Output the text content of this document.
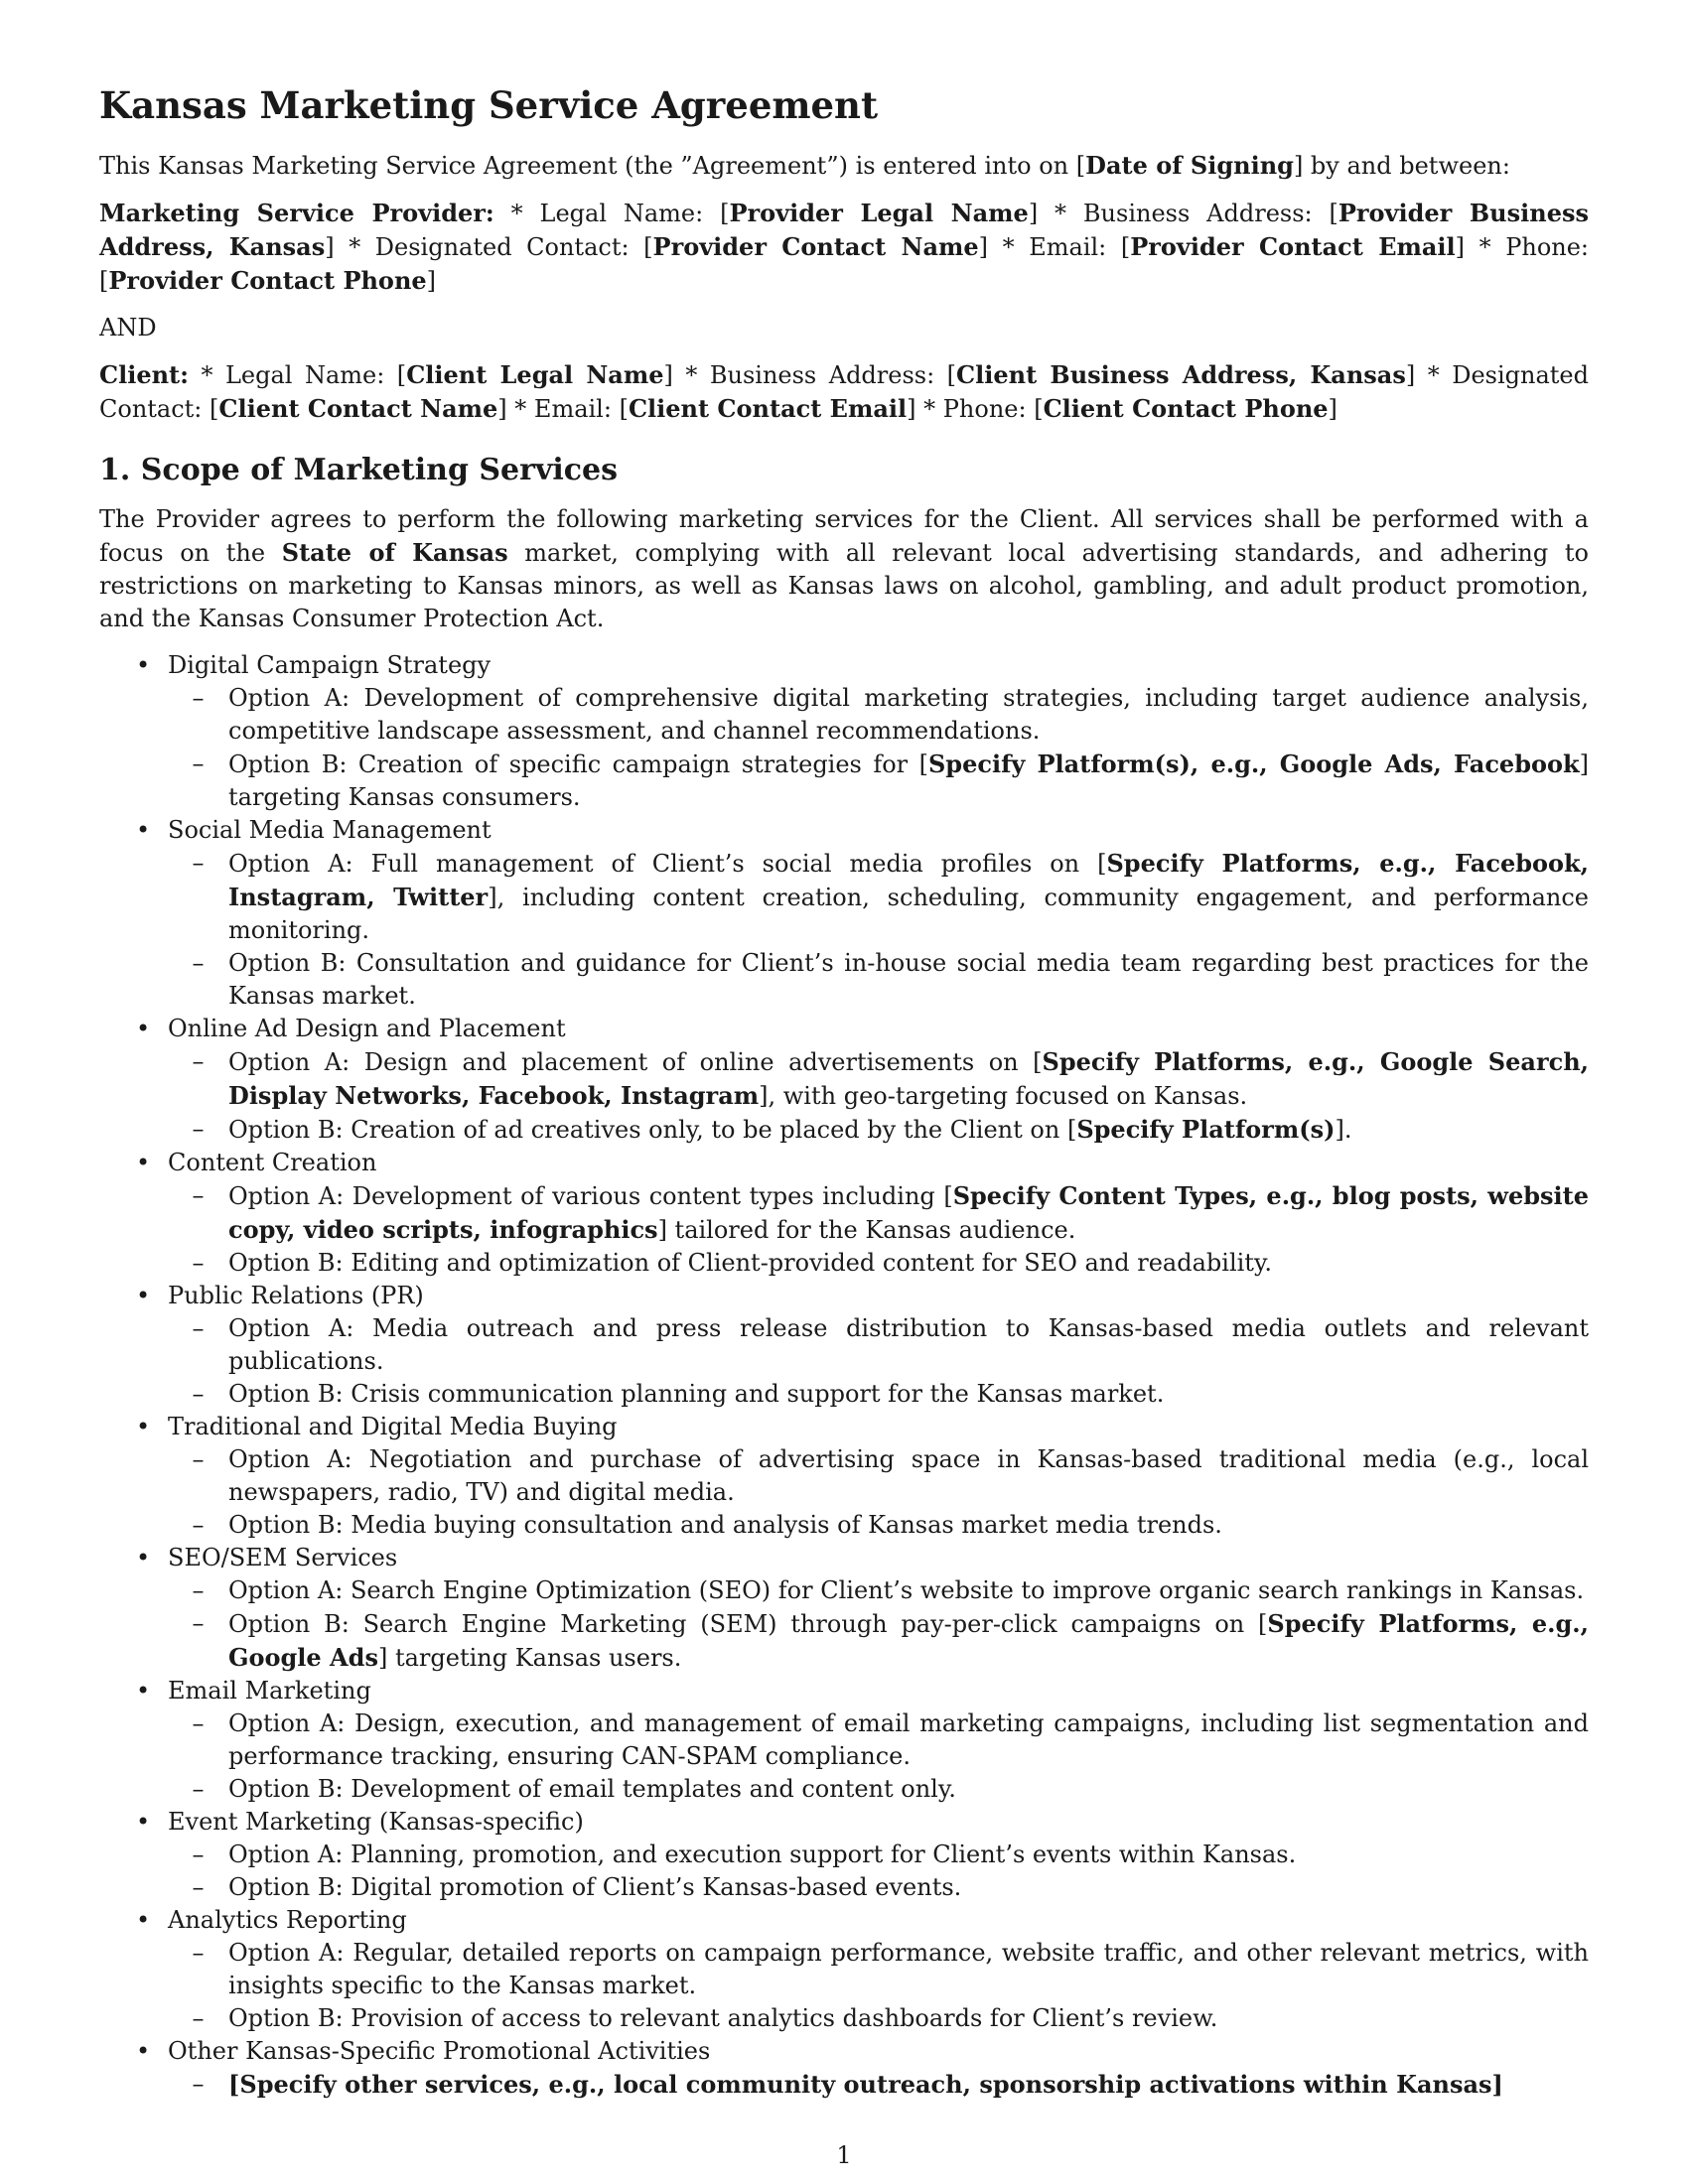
Kansas Marketing Service Agreement

This Kansas Marketing Service Agreement (the ”Agreement”) is entered into on [Date of Signing] by and between:

Marketing Service Provider: * Legal Name: [Provider Legal Name] * Business Address: [Provider Business Address, Kansas] * Designated Contact: [Provider Contact Name] * Email: [Provider Contact Email] * Phone: [Provider Contact Phone]

AND

Client: * Legal Name: [Client Legal Name] * Business Address: [Client Business Address, Kansas] * Designated Contact: [Client Contact Name] * Email: [Client Contact Email] * Phone: [Client Contact Phone]

1. Scope of Marketing Services

The Provider agrees to perform the following marketing services for the Client. All services shall be performed with a focus on the State of Kansas market, complying with all relevant local advertising standards, and adhering to restrictions on marketing to Kansas minors, as well as Kansas laws on alcohol, gambling, and adult product promotion, and the Kansas Consumer Protection Act.

• Digital Campaign Strategy
–	Option A: Development of comprehensive digital marketing strategies, including target audience analysis, competitive landscape assessment, and channel recommendations.
–	Option B: Creation of specific campaign strategies for [Specify Platform(s), e.g., Google Ads, Facebook] targeting Kansas consumers.
• Social Media Management
–	Option A: Full management of Client’s social media profiles on [Specify Platforms, e.g., Facebook, Instagram, Twitter], including content creation, scheduling, community engagement, and performance monitoring.
–	Option B: Consultation and guidance for Client’s in-house social media team regarding best practices for the Kansas market.
• Online Ad Design and Placement
–	Option A: Design and placement of online advertisements on [Specify Platforms, e.g., Google Search, Display Networks, Facebook, Instagram], with geo-targeting focused on Kansas.
–	Option B: Creation of ad creatives only, to be placed by the Client on [Specify Platform(s)].
• Content Creation
–	Option A: Development of various content types including [Specify Content Types, e.g., blog posts, website copy, video scripts, infographics] tailored for the Kansas audience.
–	Option B: Editing and optimization of Client-provided content for SEO and readability.
• Public Relations (PR)
–	Option A: Media outreach and press release distribution to Kansas-based media outlets and relevant publications.
–	Option B: Crisis communication planning and support for the Kansas market.
• Traditional and Digital Media Buying
–	Option A: Negotiation and purchase of advertising space in Kansas-based traditional media (e.g., local newspapers, radio, TV) and digital media.
–	Option B: Media buying consultation and analysis of Kansas market media trends.
• SEO/SEM Services
–	Option A: Search Engine Optimization (SEO) for Client’s website to improve organic search rankings in Kansas.
–	Option B: Search Engine Marketing (SEM) through pay-per-click campaigns on [Specify Platforms, e.g., Google Ads] targeting Kansas users.
• Email Marketing
–	Option A: Design, execution, and management of email marketing campaigns, including list segmentation and performance tracking, ensuring CAN-SPAM compliance.
–	Option B: Development of email templates and content only.
• Event Marketing (Kansas-specific)
–	Option A: Planning, promotion, and execution support for Client’s events within Kansas.
–	Option B: Digital promotion of Client’s Kansas-based events.
• Analytics Reporting
–	Option A: Regular, detailed reports on campaign performance, website traffic, and other relevant metrics, with insights specific to the Kansas market.
–	Option B: Provision of access to relevant analytics dashboards for Client’s review.
• Other Kansas-Specific Promotional Activities
–	[Specify other services, e.g., local community outreach, sponsorship activations within Kansas]
1
